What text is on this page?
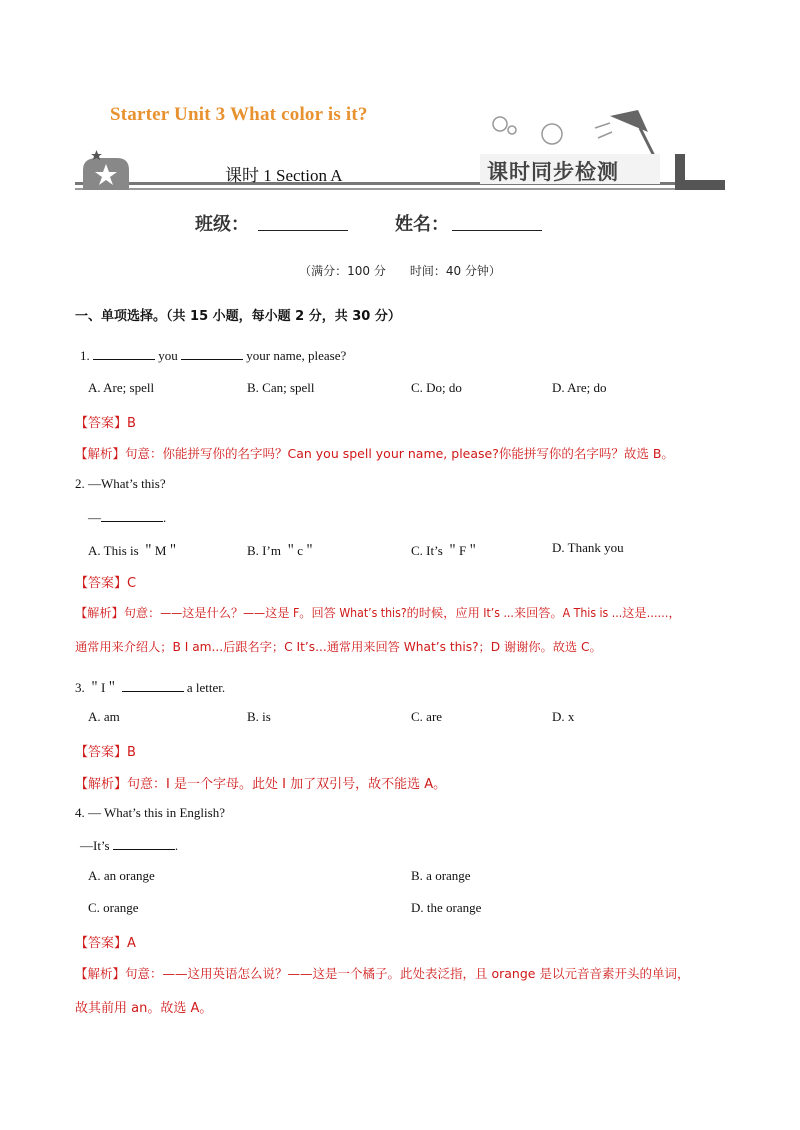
Starter Unit 3 What color is it?
课时 1 Section A	课时同步检测
班级：	姓名：
（满分：100 分　　时间：40 分钟）
一、单项选择。（共 15 小题，每小题 2 分，共 30 分）
1.	you	your name, please?
A. Are; spell	B. Can; spell	C. Do; do	D. Are; do
【答案】B
【解析】句意：你能拼写你的名字吗？Can you spell your name, please?你能拼写你的名字吗？故选 B。
2. —What’s this?
—	.
A. This is ＂M＂	B. I’m ＂c＂	C. It’s ＂F＂	D. Thank you
【答案】C
【解析】句意：——这是什么？——这是 F。回答 What’s this?的时候，应用 It’s ...来回答。A This is ...这是……，
通常用来介绍人；B I am...后跟名字；C It’s...通常用来回答 What’s this?；D 谢谢你。故选 C。
3. ＂I＂	a letter.
A. am	B. is	C. are	D. x
【答案】B
【解析】句意：I 是一个字母。此处 I 加了双引号，故不能选 A。
4. — What’s this in English?
—It’s	.
A. an orange	B. a orange
C. orange	D. the orange
【答案】A
【解析】句意：——这用英语怎么说？——这是一个橘子。此处表泛指，且 orange 是以元音音素开头的单词，
故其前用 an。故选 A。
